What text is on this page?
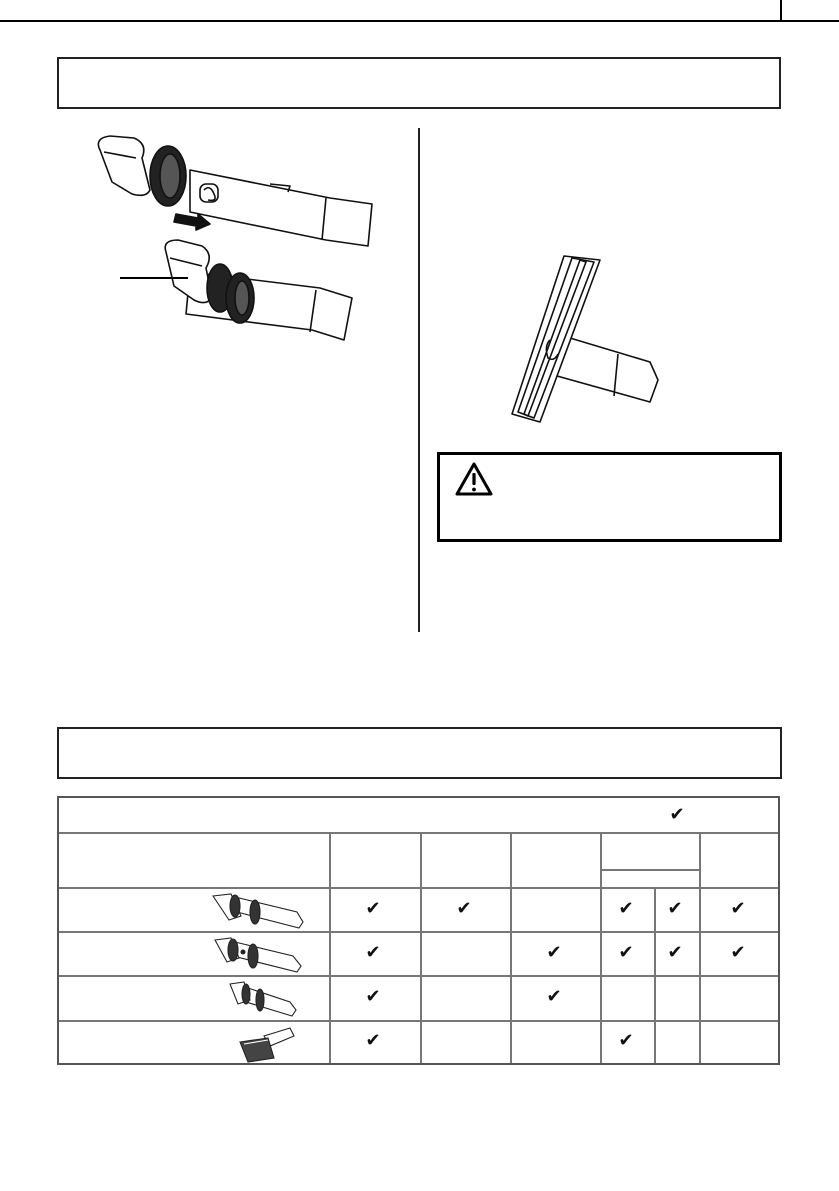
✔
✔
✔
✔
✔
✔
✔
✔
✔
✔
✔
✔
✔
✔
✔
